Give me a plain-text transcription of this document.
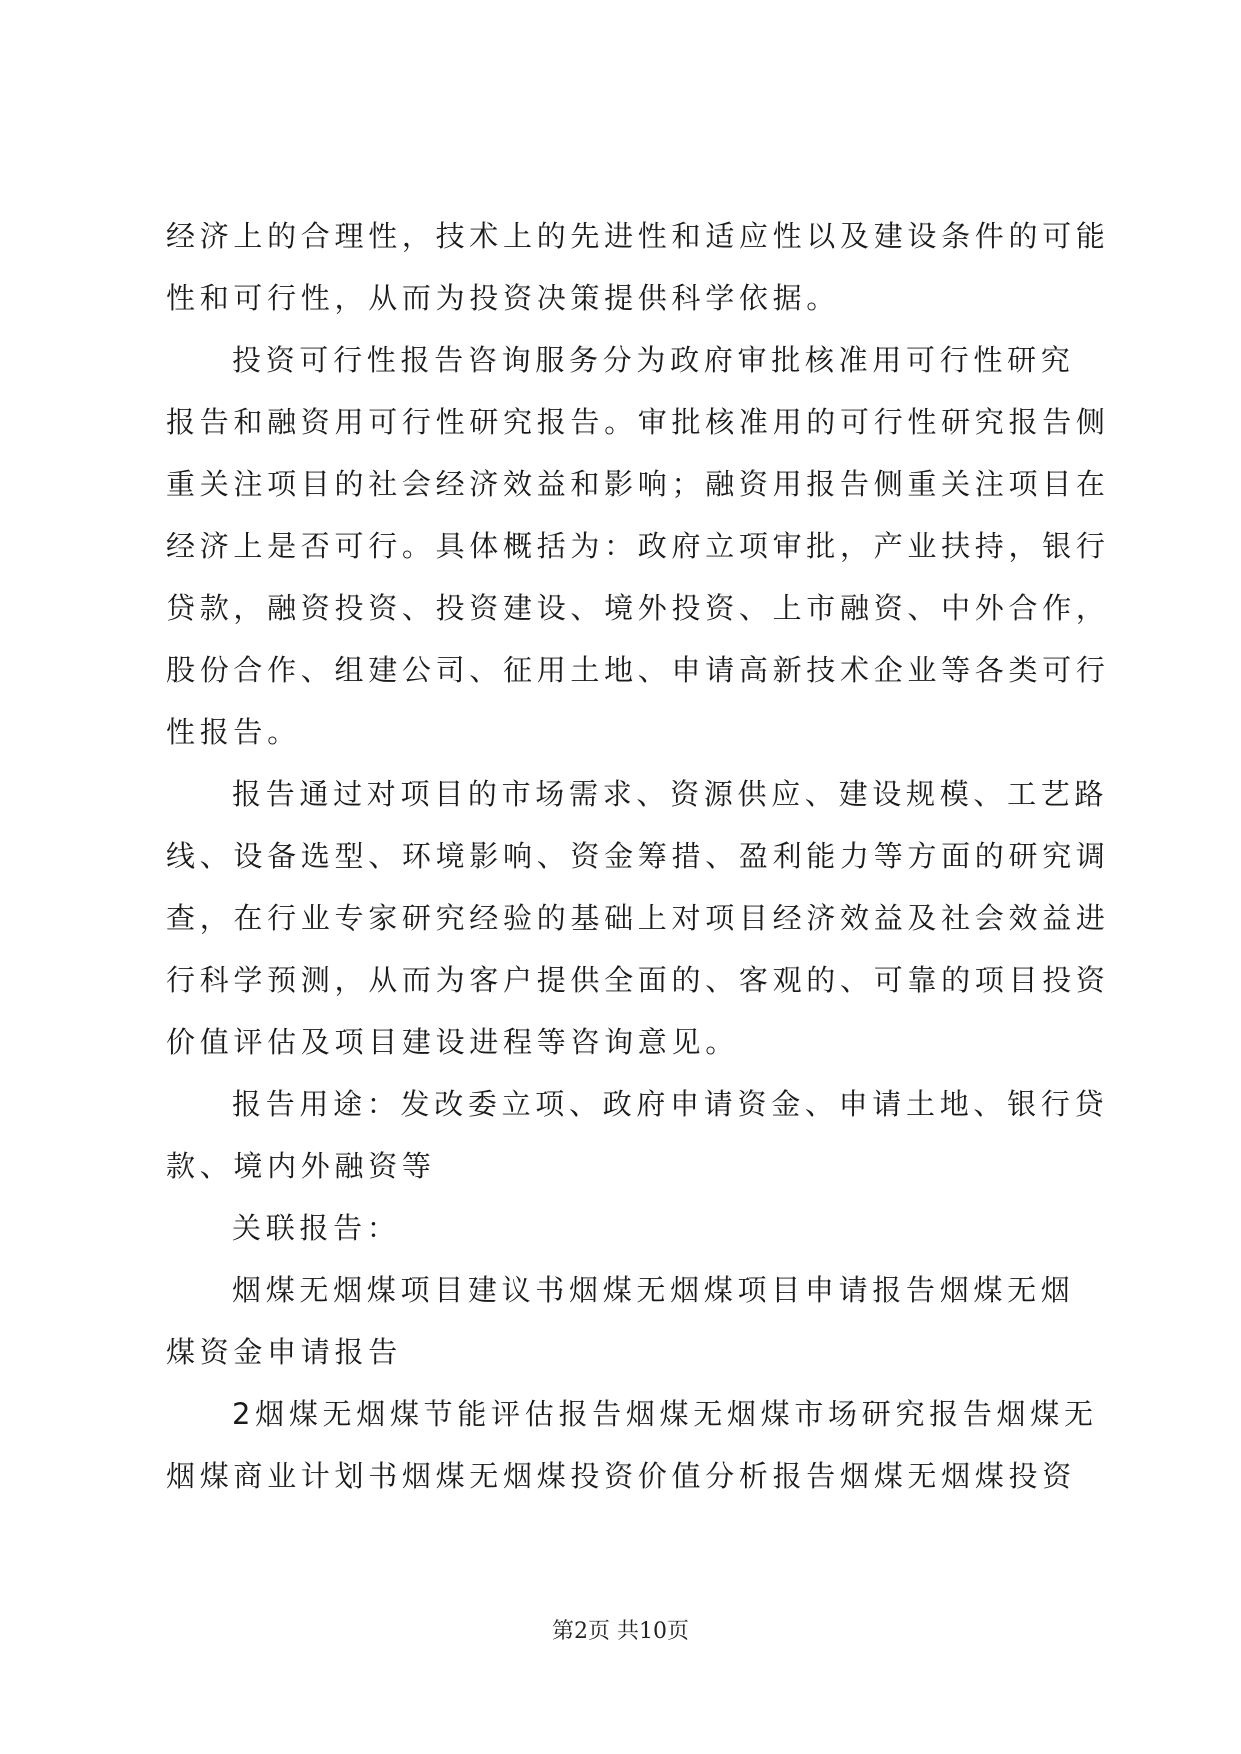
经济上的合理性，技术上的先进性和适应性以及建设条件的可能
性和可行性，从而为投资决策提供科学依据。
投资可行性报告咨询服务分为政府审批核准用可行性研究
报告和融资用可行性研究报告。审批核准用的可行性研究报告侧
重关注项目的社会经济效益和影响；融资用报告侧重关注项目在
经济上是否可行。具体概括为：政府立项审批，产业扶持，银行
贷款，融资投资、投资建设、境外投资、上市融资、中外合作，
股份合作、组建公司、征用土地、申请高新技术企业等各类可行
性报告。
报告通过对项目的市场需求、资源供应、建设规模、工艺路
线、设备选型、环境影响、资金筹措、盈利能力等方面的研究调
查，在行业专家研究经验的基础上对项目经济效益及社会效益进
行科学预测，从而为客户提供全面的、客观的、可靠的项目投资
价值评估及项目建设进程等咨询意见。
报告用途：发改委立项、政府申请资金、申请土地、银行贷
款、境内外融资等
关联报告：
烟煤无烟煤项目建议书烟煤无烟煤项目申请报告烟煤无烟
煤资金申请报告
2烟煤无烟煤节能评估报告烟煤无烟煤市场研究报告烟煤无
烟煤商业计划书烟煤无烟煤投资价值分析报告烟煤无烟煤投资
第2页 共10页
